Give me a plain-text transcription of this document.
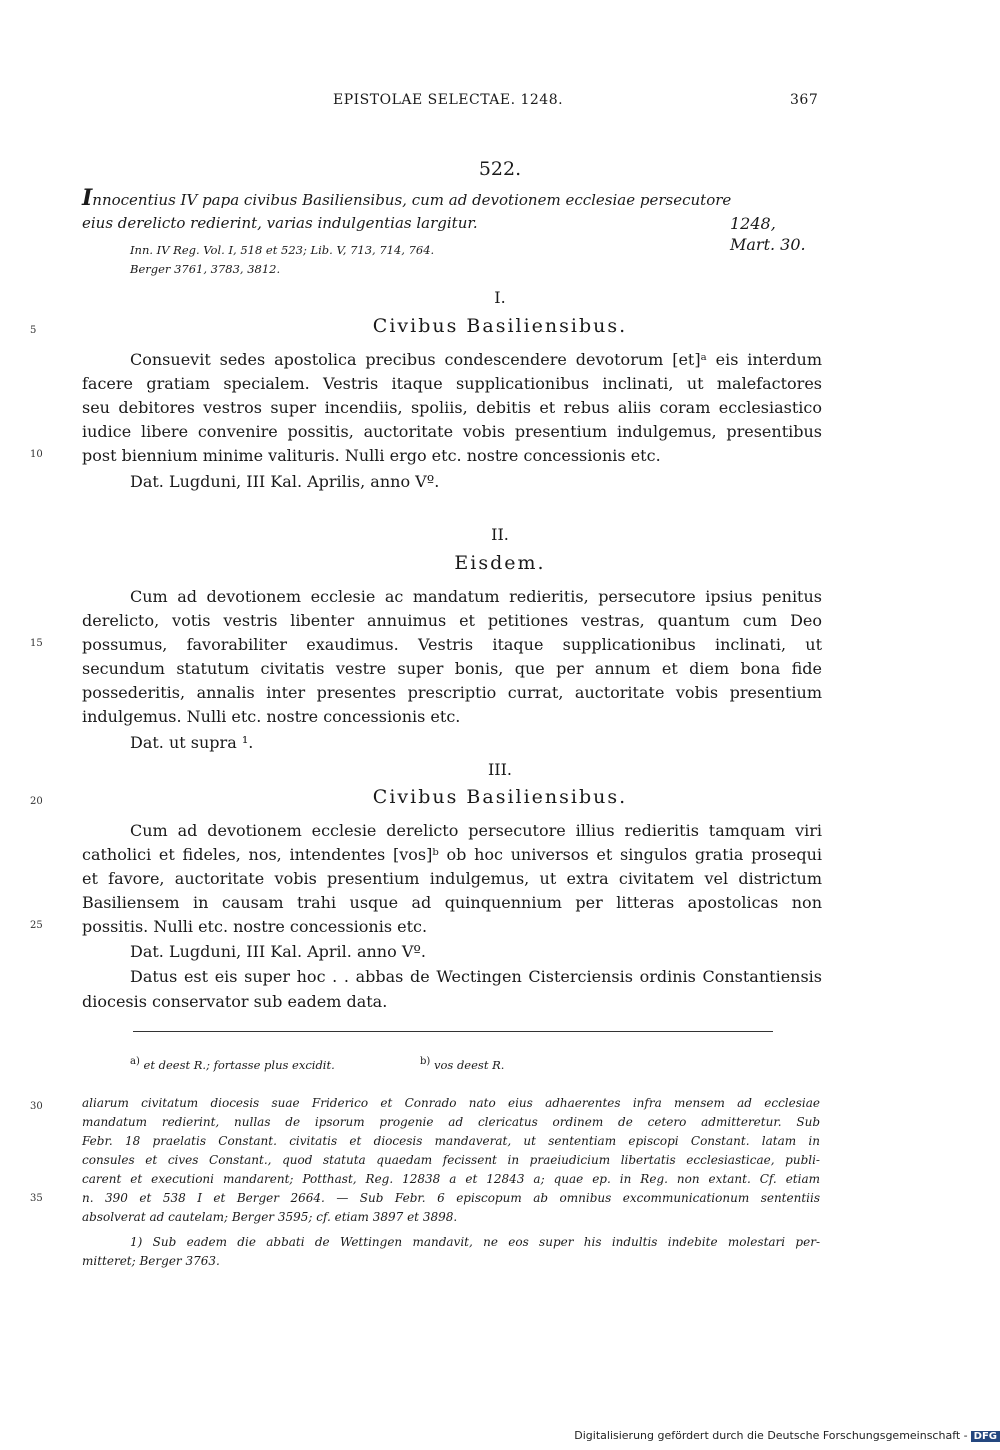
EPISTOLAE SELECTAE. 1248.	367
522.
Innocentius IV papa civibus Basiliensibus, cum ad devotionem ecclesiae persecutore
eius derelicto redierint, varias indulgentias largitur.	1248, Mart. 30.
Inn. IV Reg. Vol. I, 518 et 523; Lib. V, 713, 714, 764.
Berger 3761, 3783, 3812.
I.
Civibus Basiliensibus.
Consuevit sedes apostolica precibus condescendere devotorum [et]ᵃ eis interdum
facere gratiam specialem. Vestris itaque supplicationibus inclinati, ut malefactores
seu debitores vestros super incendiis, spoliis, debitis et rebus aliis coram ecclesiastico
iudice libere convenire possitis, auctoritate vobis presentium indulgemus, presentibus
post biennium minime valituris. Nulli ergo etc. nostre concessionis etc.
Dat. Lugduni, III Kal. Aprilis, anno Vº.
II.
Eisdem.
Cum ad devotionem ecclesie ac mandatum redieritis, persecutore ipsius penitus
derelicto, votis vestris libenter annuimus et petitiones vestras, quantum cum Deo
possumus, favorabiliter exaudimus. Vestris itaque supplicationibus inclinati, ut
secundum statutum civitatis vestre super bonis, que per annum et diem bona fide
possederitis, annalis inter presentes prescriptio currat, auctoritate vobis presentium
indulgemus. Nulli etc. nostre concessionis etc.
Dat. ut supra ¹.
III.
Civibus Basiliensibus.
Cum ad devotionem ecclesie derelicto persecutore illius redieritis tamquam viri
catholici et fideles, nos, intendentes [vos]ᵇ ob hoc universos et singulos gratia prosequi
et favore, auctoritate vobis presentium indulgemus, ut extra civitatem vel districtum
Basiliensem in causam trahi usque ad quinquennium per litteras apostolicas non
possitis. Nulli etc. nostre concessionis etc.
Dat. Lugduni, III Kal. April. anno Vº.
Datus est eis super hoc . . abbas de Wectingen Cisterciensis ordinis Constantiensis
diocesis conservator sub eadem data.
5
10
15
20
25
30
35
a) et deest R.; fortasse plus excidit.	b) vos deest R.
aliarum civitatum diocesis suae Friderico et Conrado nato eius adhaerentes infra mensem ad ecclesiae
mandatum redierint, nullas de ipsorum progenie ad clericatus ordinem de cetero admitteretur. Sub
Febr. 18 praelatis Constant. civitatis et diocesis mandaverat, ut sententiam episcopi Constant. latam in
consules et cives Constant., quod statuta quaedam fecissent in praeiudicium libertatis ecclesiasticae, publi-
carent et executioni mandarent; Potthast, Reg. 12838 a et 12843 a; quae ep. in Reg. non extant. Cf. etiam
n. 390 et 538 I et Berger 2664. — Sub Febr. 6 episcopum ab omnibus excommunicationum sententiis
absolverat ad cautelam; Berger 3595; cf. etiam 3897 et 3898.
1) Sub eadem die abbati de Wettingen mandavit, ne eos super his indultis indebite molestari per-
mitteret; Berger 3763.
Digitalisierung gefördert durch die Deutsche Forschungsgemeinschaft - DFG
